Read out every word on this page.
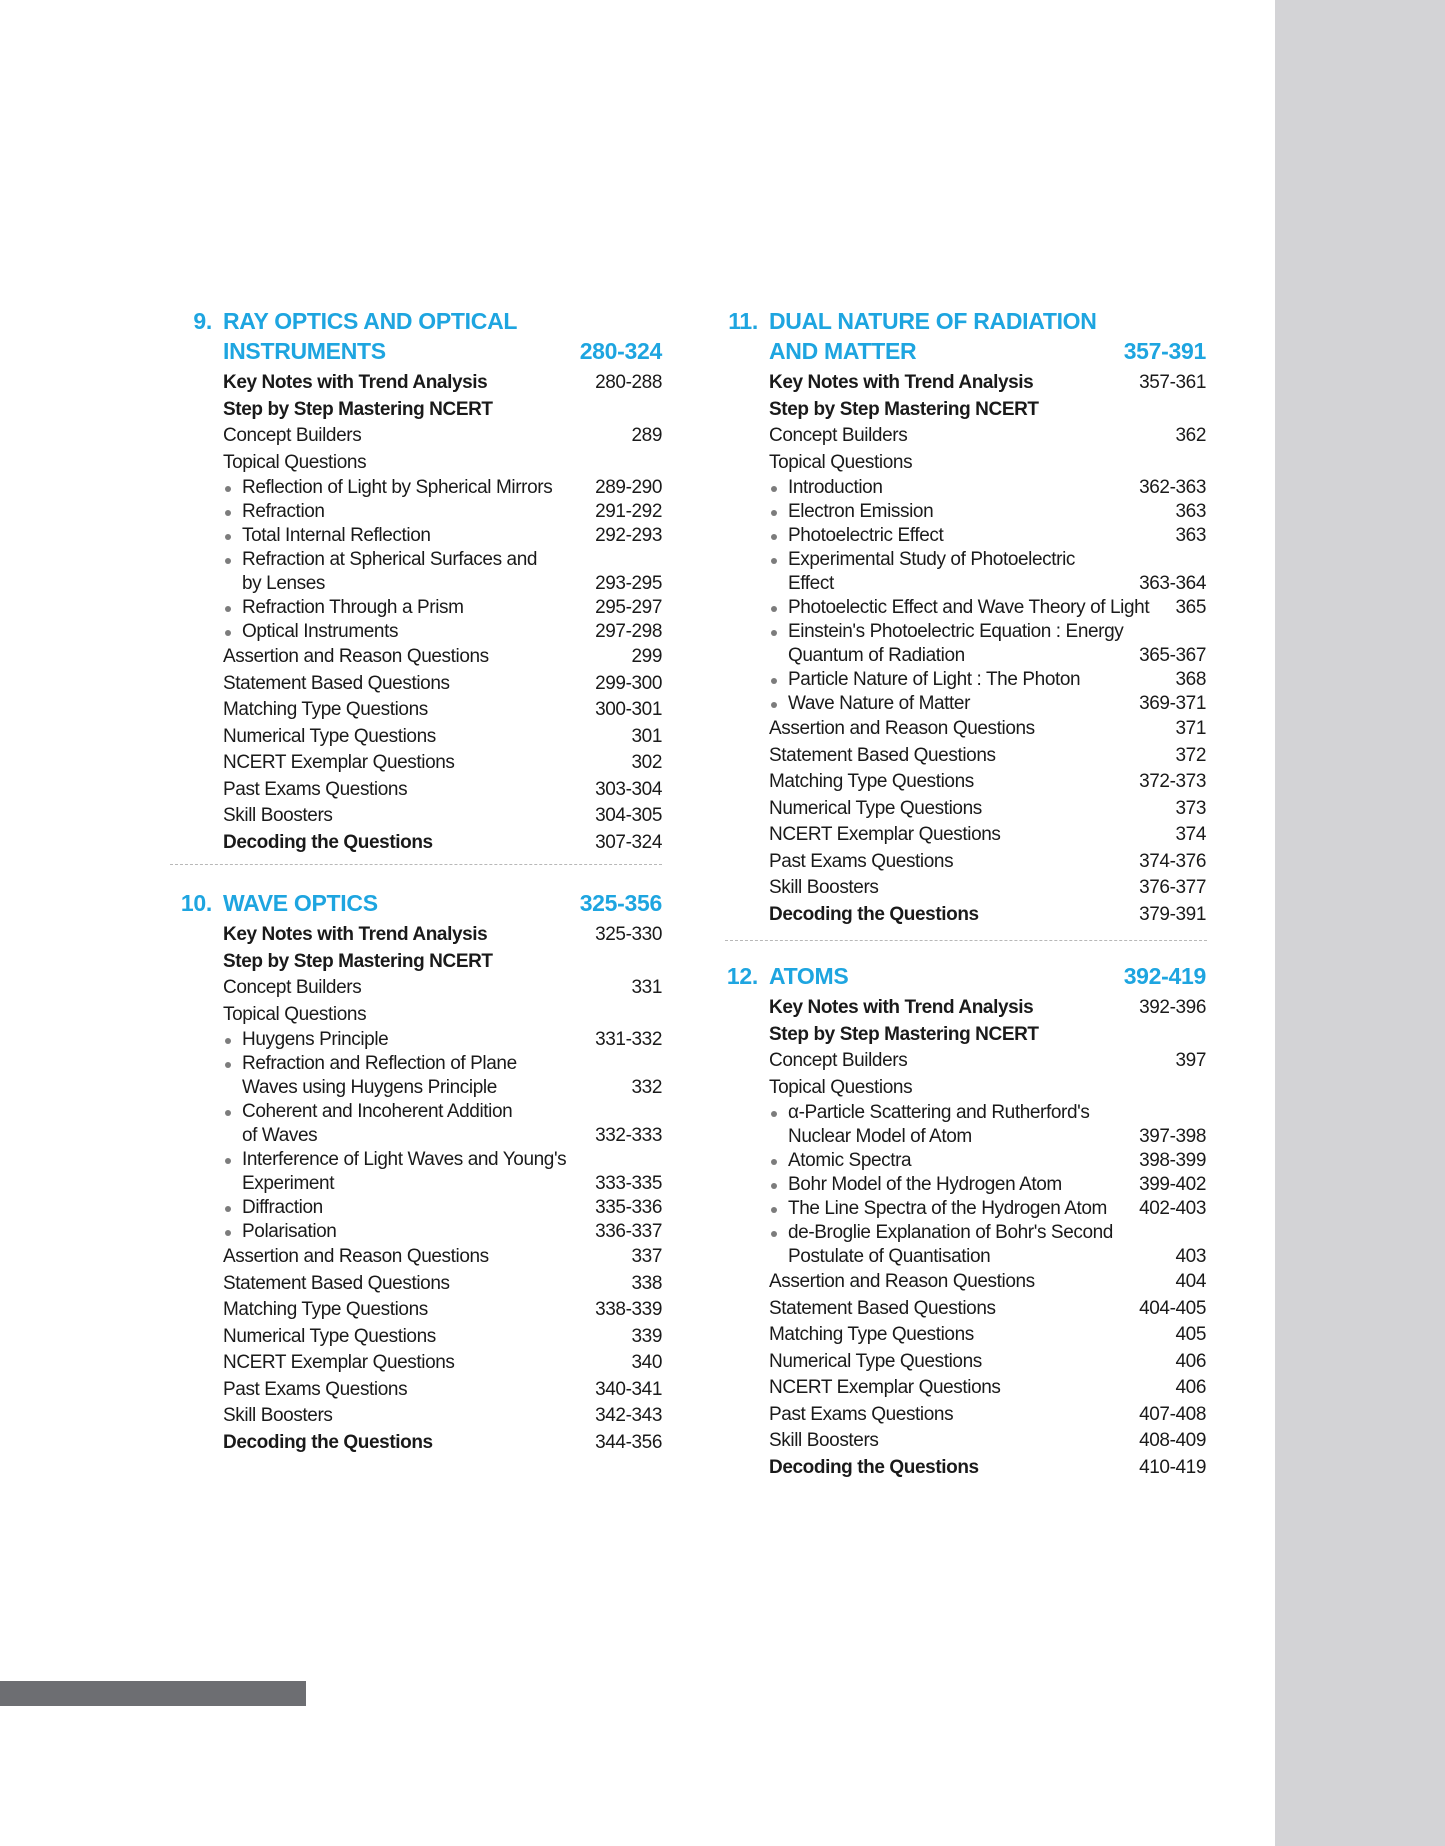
9. RAY OPTICS AND OPTICAL
INSTRUMENTS	280-324
Key Notes with Trend Analysis	280-288
Step by Step Mastering NCERT
Concept Builders	289
Topical Questions
Reflection of Light by Spherical Mirrors	289-290
Refraction	291-292
Total Internal Reflection	292-293
Refraction at Spherical Surfaces and
by Lenses	293-295
Refraction Through a Prism	295-297
Optical Instruments	297-298
Assertion and Reason Questions	299
Statement Based Questions	299-300
Matching Type Questions	300-301
Numerical Type Questions	301
NCERT Exemplar Questions	302
Past Exams Questions	303-304
Skill Boosters	304-305
Decoding the Questions	307-324
10. WAVE OPTICS	325-356
Key Notes with Trend Analysis	325-330
Step by Step Mastering NCERT
Concept Builders	331
Topical Questions
Huygens Principle	331-332
Refraction and Reflection of Plane
Waves using Huygens Principle	332
Coherent and Incoherent Addition
of Waves	332-333
Interference of Light Waves and Young's
Experiment	333-335
Diffraction	335-336
Polarisation	336-337
Assertion and Reason Questions	337
Statement Based Questions	338
Matching Type Questions	338-339
Numerical Type Questions	339
NCERT Exemplar Questions	340
Past Exams Questions	340-341
Skill Boosters	342-343
Decoding the Questions	344-356
11. DUAL NATURE OF RADIATION
AND MATTER	357-391
Key Notes with Trend Analysis	357-361
Step by Step Mastering NCERT
Concept Builders	362
Topical Questions
Introduction	362-363
Electron Emission	363
Photoelectric Effect	363
Experimental Study of Photoelectric
Effect	363-364
Photoelectic Effect and Wave Theory of Light	365
Einstein's Photoelectric Equation : Energy
Quantum of Radiation	365-367
Particle Nature of Light : The Photon	368
Wave Nature of Matter	369-371
Assertion and Reason Questions	371
Statement Based Questions	372
Matching Type Questions	372-373
Numerical Type Questions	373
NCERT Exemplar Questions	374
Past Exams Questions	374-376
Skill Boosters	376-377
Decoding the Questions	379-391
12. ATOMS	392-419
Key Notes with Trend Analysis	392-396
Step by Step Mastering NCERT
Concept Builders	397
Topical Questions
α-Particle Scattering and Rutherford's
Nuclear Model of Atom	397-398
Atomic Spectra	398-399
Bohr Model of the Hydrogen Atom	399-402
The Line Spectra of the Hydrogen Atom	402-403
de-Broglie Explanation of Bohr's Second
Postulate of Quantisation	403
Assertion and Reason Questions	404
Statement Based Questions	404-405
Matching Type Questions	405
Numerical Type Questions	406
NCERT Exemplar Questions	406
Past Exams Questions	407-408
Skill Boosters	408-409
Decoding the Questions	410-419
